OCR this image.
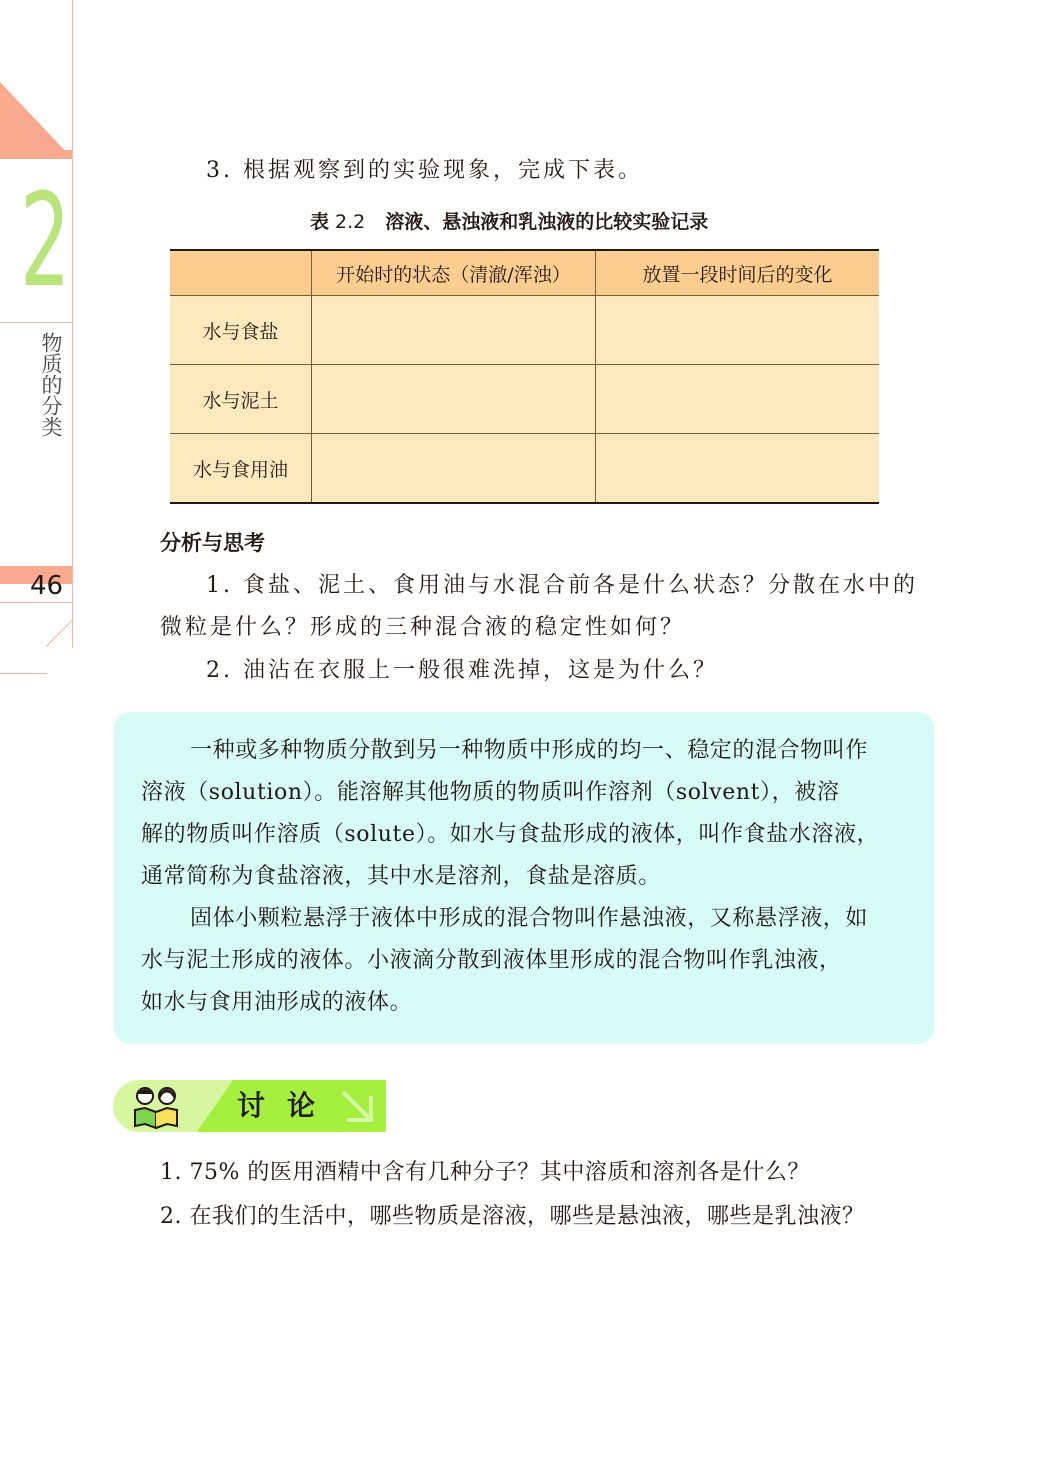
2
物质的分类
46
3. 根据观察到的实验现象，完成下表。
表 2.2 溶液、悬浊液和乳浊液的比较实验记录
	开始时的状态（清澈/浑浊）	放置一段时间后的变化
水与食盐		
水与泥土		
水与食用油		
分析与思考
1. 食盐、泥土、食用油与水混合前各是什么状态？分散在水中的
微粒是什么？形成的三种混合液的稳定性如何？
2. 油沾在衣服上一般很难洗掉，这是为什么？
一种或多种物质分散到另一种物质中形成的均一、稳定的混合物叫作
溶液（solution）。能溶解其他物质的物质叫作溶剂（solvent），被溶
解的物质叫作溶质（solute）。如水与食盐形成的液体，叫作食盐水溶液，
通常简称为食盐溶液，其中水是溶剂，食盐是溶质。
固体小颗粒悬浮于液体中形成的混合物叫作悬浊液，又称悬浮液，如
水与泥土形成的液体。小液滴分散到液体里形成的混合物叫作乳浊液，
如水与食用油形成的液体。
讨论
1. 75% 的医用酒精中含有几种分子？其中溶质和溶剂各是什么？
2. 在我们的生活中，哪些物质是溶液，哪些是悬浊液，哪些是乳浊液？
